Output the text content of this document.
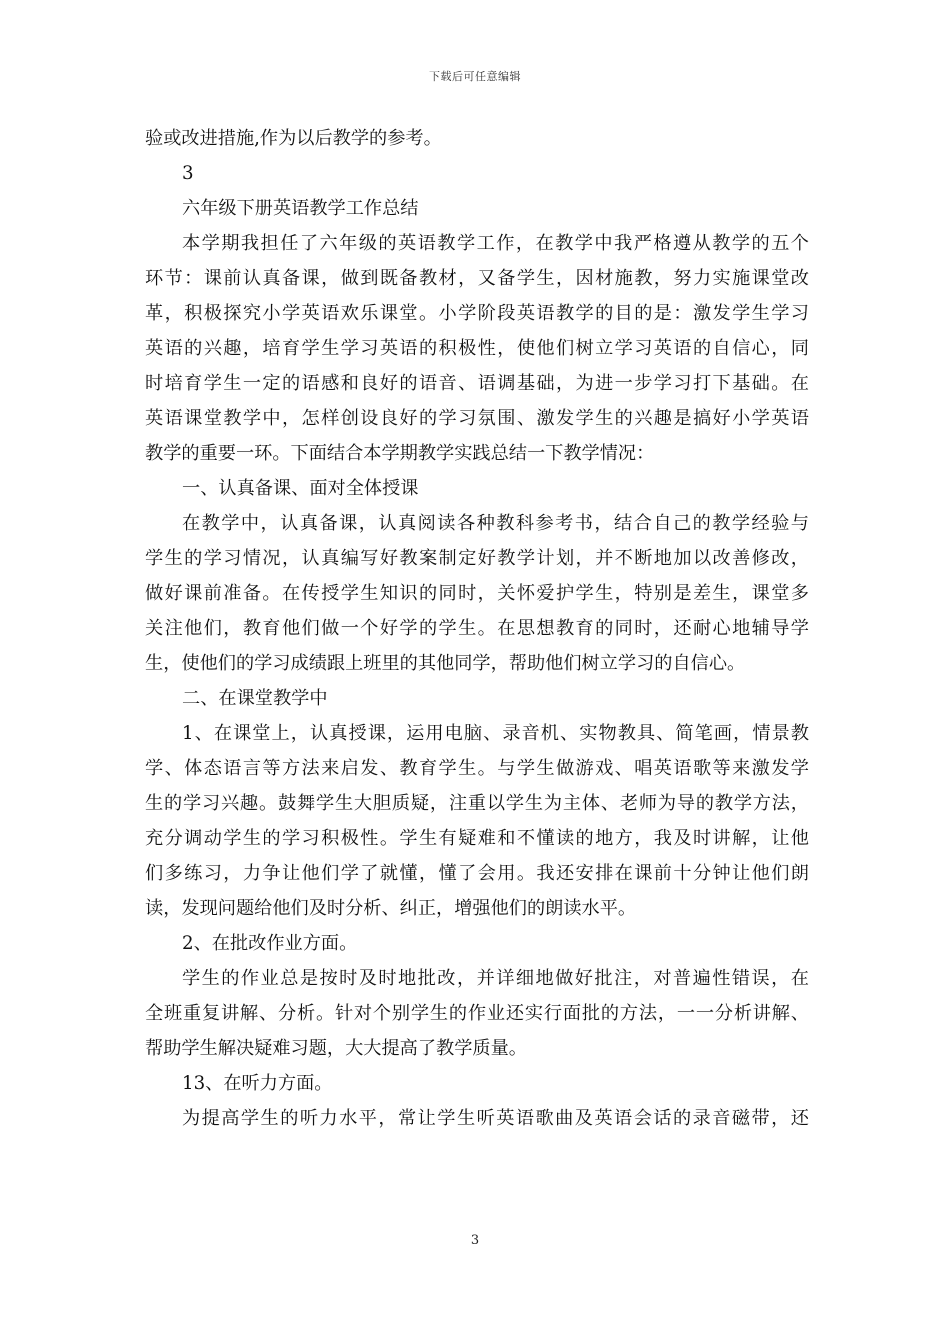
下载后可任意编辑
验或改进措施,作为以后教学的参考。
3
六年级下册英语教学工作总结
本学期我担任了六年级的英语教学工作，在教学中我严格遵从教学的五个
环节：课前认真备课，做到既备教材，又备学生，因材施教，努力实施课堂改
革，积极探究小学英语欢乐课堂。小学阶段英语教学的目的是：激发学生学习
英语的兴趣，培育学生学习英语的积极性，使他们树立学习英语的自信心，同
时培育学生一定的语感和良好的语音、语调基础，为进一步学习打下基础。在
英语课堂教学中，怎样创设良好的学习氛围、激发学生的兴趣是搞好小学英语
教学的重要一环。下面结合本学期教学实践总结一下教学情况：
一、认真备课、面对全体授课
在教学中，认真备课，认真阅读各种教科参考书，结合自己的教学经验与
学生的学习情况，认真编写好教案制定好教学计划，并不断地加以改善修改，
做好课前准备。在传授学生知识的同时，关怀爱护学生，特别是差生，课堂多
关注他们，教育他们做一个好学的学生。在思想教育的同时，还耐心地辅导学
生，使他们的学习成绩跟上班里的其他同学，帮助他们树立学习的自信心。
二、在课堂教学中
1、在课堂上，认真授课，运用电脑、录音机、实物教具、简笔画，情景教
学、体态语言等方法来启发、教育学生。与学生做游戏、唱英语歌等来激发学
生的学习兴趣。鼓舞学生大胆质疑，注重以学生为主体、老师为导的教学方法，
充分调动学生的学习积极性。学生有疑难和不懂读的地方，我及时讲解，让他
们多练习，力争让他们学了就懂，懂了会用。我还安排在课前十分钟让他们朗
读，发现问题给他们及时分析、纠正，增强他们的朗读水平。
2、在批改作业方面。
学生的作业总是按时及时地批改，并详细地做好批注，对普遍性错误，在
全班重复讲解、分析。针对个别学生的作业还实行面批的方法，一一分析讲解、
帮助学生解决疑难习题，大大提高了教学质量。
13、在听力方面。
为提高学生的听力水平，常让学生听英语歌曲及英语会话的录音磁带，还
3
